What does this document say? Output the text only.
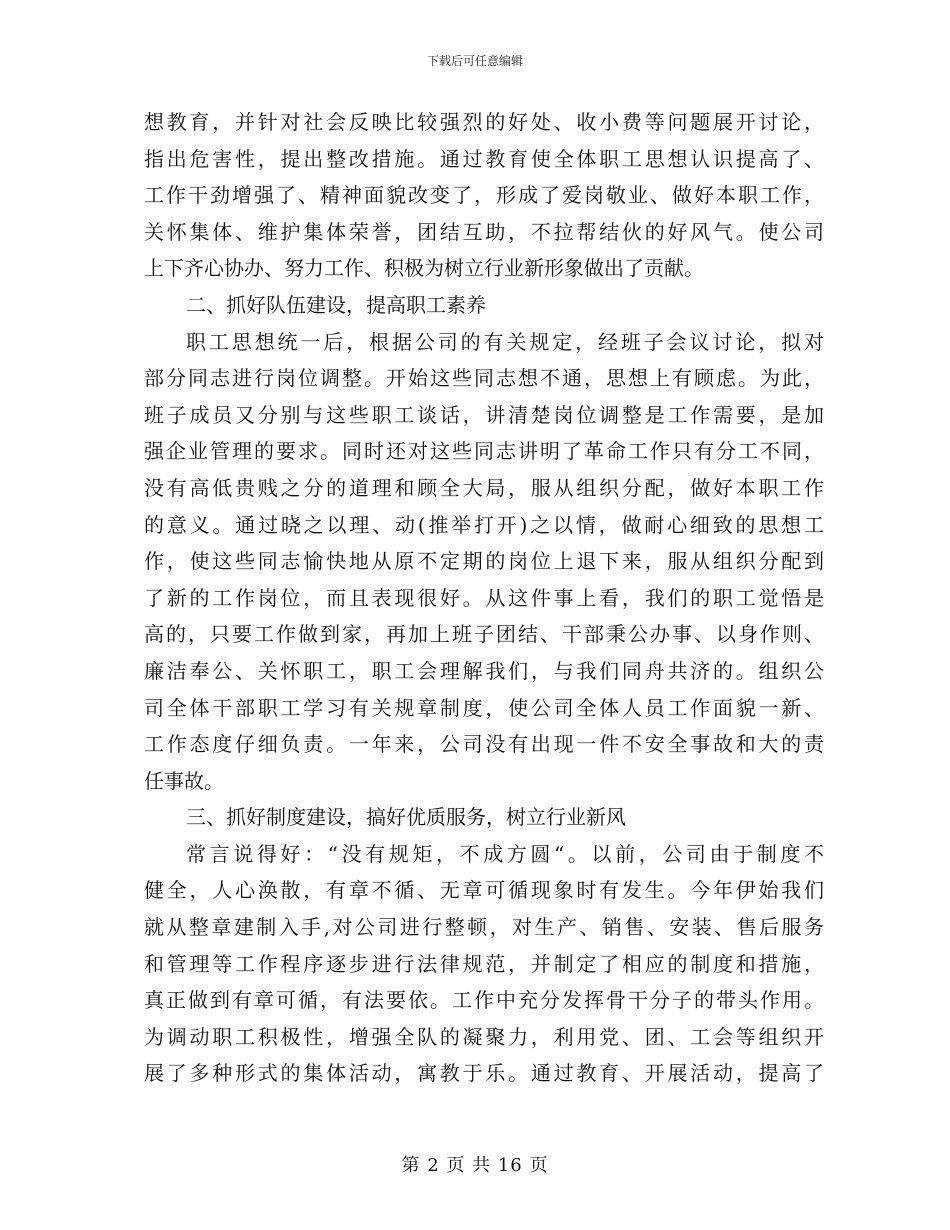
下载后可任意编辑
想教育，并针对社会反映比较强烈的好处、收小费等问题展开讨论，
指出危害性，提出整改措施。通过教育使全体职工思想认识提高了、
工作干劲增强了、精神面貌改变了，形成了爱岗敬业、做好本职工作，
关怀集体、维护集体荣誉，团结互助，不拉帮结伙的好风气。使公司
上下齐心协办、努力工作、积极为树立行业新形象做出了贡献。
二、抓好队伍建设，提高职工素养
职工思想统一后，根据公司的有关规定，经班子会议讨论，拟对
部分同志进行岗位调整。开始这些同志想不通，思想上有顾虑。为此，
班子成员又分别与这些职工谈话，讲清楚岗位调整是工作需要，是加
强企业管理的要求。同时还对这些同志讲明了革命工作只有分工不同，
没有高低贵贱之分的道理和顾全大局，服从组织分配，做好本职工作
的意义。通过晓之以理、动(推举打开)之以情，做耐心细致的思想工
作，使这些同志愉快地从原不定期的岗位上退下来，服从组织分配到
了新的工作岗位，而且表现很好。从这件事上看，我们的职工觉悟是
高的，只要工作做到家，再加上班子团结、干部秉公办事、以身作则、
廉洁奉公、关怀职工，职工会理解我们，与我们同舟共济的。组织公
司全体干部职工学习有关规章制度，使公司全体人员工作面貌一新、
工作态度仔细负责。一年来，公司没有出现一件不安全事故和大的责
任事故。
三、抓好制度建设，搞好优质服务，树立行业新风
常言说得好：“没有规矩，不成方圆“。以前，公司由于制度不
健全，人心涣散，有章不循、无章可循现象时有发生。今年伊始我们
就从整章建制入手,对公司进行整顿，对生产、销售、安装、售后服务
和管理等工作程序逐步进行法律规范，并制定了相应的制度和措施，
真正做到有章可循，有法要依。工作中充分发挥骨干分子的带头作用。
为调动职工积极性，增强全队的凝聚力，利用党、团、工会等组织开
展了多种形式的集体活动，寓教于乐。通过教育、开展活动，提高了
第 2 页 共 16 页
